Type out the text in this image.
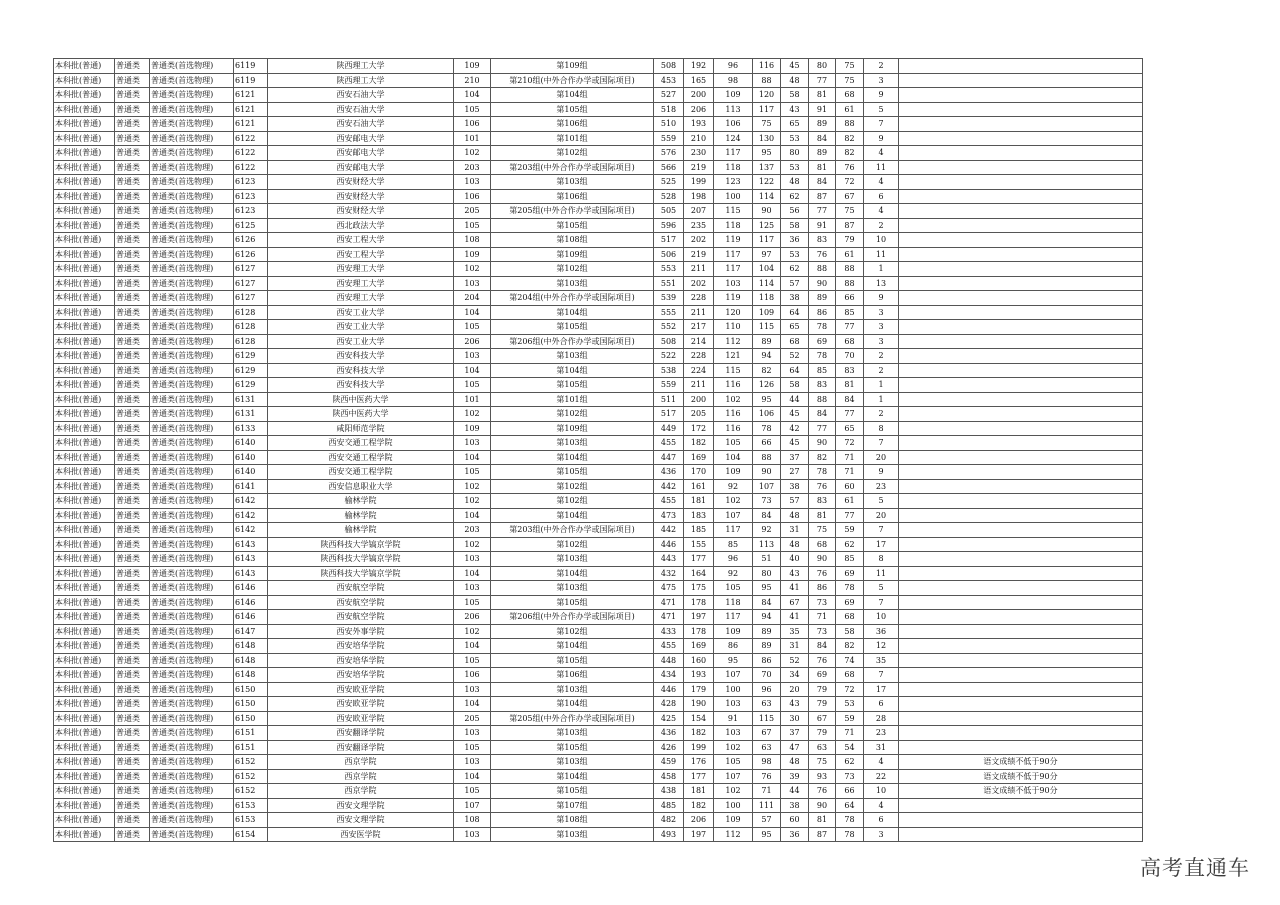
本科批(普通)	普通类	普通类(首选物理)	6119	陕西理工大学	109	第109组	508	192	96	116	45	80	75	2	
本科批(普通)	普通类	普通类(首选物理)	6119	陕西理工大学	210	第210组(中外合作办学或国际项目)	453	165	98	88	48	77	75	3	
本科批(普通)	普通类	普通类(首选物理)	6121	西安石油大学	104	第104组	527	200	109	120	58	81	68	9	
本科批(普通)	普通类	普通类(首选物理)	6121	西安石油大学	105	第105组	518	206	113	117	43	91	61	5	
本科批(普通)	普通类	普通类(首选物理)	6121	西安石油大学	106	第106组	510	193	106	75	65	89	88	7	
本科批(普通)	普通类	普通类(首选物理)	6122	西安邮电大学	101	第101组	559	210	124	130	53	84	82	9	
本科批(普通)	普通类	普通类(首选物理)	6122	西安邮电大学	102	第102组	576	230	117	95	80	89	82	4	
本科批(普通)	普通类	普通类(首选物理)	6122	西安邮电大学	203	第203组(中外合作办学或国际项目)	566	219	118	137	53	81	76	11	
本科批(普通)	普通类	普通类(首选物理)	6123	西安财经大学	103	第103组	525	199	123	122	48	84	72	4	
本科批(普通)	普通类	普通类(首选物理)	6123	西安财经大学	106	第106组	528	198	100	114	62	87	67	6	
本科批(普通)	普通类	普通类(首选物理)	6123	西安财经大学	205	第205组(中外合作办学或国际项目)	505	207	115	90	56	77	75	4	
本科批(普通)	普通类	普通类(首选物理)	6125	西北政法大学	105	第105组	596	235	118	125	58	91	87	2	
本科批(普通)	普通类	普通类(首选物理)	6126	西安工程大学	108	第108组	517	202	119	117	36	83	79	10	
本科批(普通)	普通类	普通类(首选物理)	6126	西安工程大学	109	第109组	506	219	117	97	53	76	61	11	
本科批(普通)	普通类	普通类(首选物理)	6127	西安理工大学	102	第102组	553	211	117	104	62	88	88	1	
本科批(普通)	普通类	普通类(首选物理)	6127	西安理工大学	103	第103组	551	202	103	114	57	90	88	13	
本科批(普通)	普通类	普通类(首选物理)	6127	西安理工大学	204	第204组(中外合作办学或国际项目)	539	228	119	118	38	89	66	9	
本科批(普通)	普通类	普通类(首选物理)	6128	西安工业大学	104	第104组	555	211	120	109	64	86	85	3	
本科批(普通)	普通类	普通类(首选物理)	6128	西安工业大学	105	第105组	552	217	110	115	65	78	77	3	
本科批(普通)	普通类	普通类(首选物理)	6128	西安工业大学	206	第206组(中外合作办学或国际项目)	508	214	112	89	68	69	68	3	
本科批(普通)	普通类	普通类(首选物理)	6129	西安科技大学	103	第103组	522	228	121	94	52	78	70	2	
本科批(普通)	普通类	普通类(首选物理)	6129	西安科技大学	104	第104组	538	224	115	82	64	85	83	2	
本科批(普通)	普通类	普通类(首选物理)	6129	西安科技大学	105	第105组	559	211	116	126	58	83	81	1	
本科批(普通)	普通类	普通类(首选物理)	6131	陕西中医药大学	101	第101组	511	200	102	95	44	88	84	1	
本科批(普通)	普通类	普通类(首选物理)	6131	陕西中医药大学	102	第102组	517	205	116	106	45	84	77	2	
本科批(普通)	普通类	普通类(首选物理)	6133	咸阳师范学院	109	第109组	449	172	116	78	42	77	65	8	
本科批(普通)	普通类	普通类(首选物理)	6140	西安交通工程学院	103	第103组	455	182	105	66	45	90	72	7	
本科批(普通)	普通类	普通类(首选物理)	6140	西安交通工程学院	104	第104组	447	169	104	88	37	82	71	20	
本科批(普通)	普通类	普通类(首选物理)	6140	西安交通工程学院	105	第105组	436	170	109	90	27	78	71	9	
本科批(普通)	普通类	普通类(首选物理)	6141	西安信息职业大学	102	第102组	442	161	92	107	38	76	60	23	
本科批(普通)	普通类	普通类(首选物理)	6142	榆林学院	102	第102组	455	181	102	73	57	83	61	5	
本科批(普通)	普通类	普通类(首选物理)	6142	榆林学院	104	第104组	473	183	107	84	48	81	77	20	
本科批(普通)	普通类	普通类(首选物理)	6142	榆林学院	203	第203组(中外合作办学或国际项目)	442	185	117	92	31	75	59	7	
本科批(普通)	普通类	普通类(首选物理)	6143	陕西科技大学镐京学院	102	第102组	446	155	85	113	48	68	62	17	
本科批(普通)	普通类	普通类(首选物理)	6143	陕西科技大学镐京学院	103	第103组	443	177	96	51	40	90	85	8	
本科批(普通)	普通类	普通类(首选物理)	6143	陕西科技大学镐京学院	104	第104组	432	164	92	80	43	76	69	11	
本科批(普通)	普通类	普通类(首选物理)	6146	西安航空学院	103	第103组	475	175	105	95	41	86	78	5	
本科批(普通)	普通类	普通类(首选物理)	6146	西安航空学院	105	第105组	471	178	118	84	67	73	69	7	
本科批(普通)	普通类	普通类(首选物理)	6146	西安航空学院	206	第206组(中外合作办学或国际项目)	471	197	117	94	41	71	68	10	
本科批(普通)	普通类	普通类(首选物理)	6147	西安外事学院	102	第102组	433	178	109	89	35	73	58	36	
本科批(普通)	普通类	普通类(首选物理)	6148	西安培华学院	104	第104组	455	169	86	89	31	84	82	12	
本科批(普通)	普通类	普通类(首选物理)	6148	西安培华学院	105	第105组	448	160	95	86	52	76	74	35	
本科批(普通)	普通类	普通类(首选物理)	6148	西安培华学院	106	第106组	434	193	107	70	34	69	68	7	
本科批(普通)	普通类	普通类(首选物理)	6150	西安欧亚学院	103	第103组	446	179	100	96	20	79	72	17	
本科批(普通)	普通类	普通类(首选物理)	6150	西安欧亚学院	104	第104组	428	190	103	63	43	79	53	6	
本科批(普通)	普通类	普通类(首选物理)	6150	西安欧亚学院	205	第205组(中外合作办学或国际项目)	425	154	91	115	30	67	59	28	
本科批(普通)	普通类	普通类(首选物理)	6151	西安翻译学院	103	第103组	436	182	103	67	37	79	71	23	
本科批(普通)	普通类	普通类(首选物理)	6151	西安翻译学院	105	第105组	426	199	102	63	47	63	54	31	
本科批(普通)	普通类	普通类(首选物理)	6152	西京学院	103	第103组	459	176	105	98	48	75	62	4	语文成绩不低于90分
本科批(普通)	普通类	普通类(首选物理)	6152	西京学院	104	第104组	458	177	107	76	39	93	73	22	语文成绩不低于90分
本科批(普通)	普通类	普通类(首选物理)	6152	西京学院	105	第105组	438	181	102	71	44	76	66	10	语文成绩不低于90分
本科批(普通)	普通类	普通类(首选物理)	6153	西安文理学院	107	第107组	485	182	100	111	38	90	64	4	
本科批(普通)	普通类	普通类(首选物理)	6153	西安文理学院	108	第108组	482	206	109	57	60	81	78	6	
本科批(普通)	普通类	普通类(首选物理)	6154	西安医学院	103	第103组	493	197	112	95	36	87	78	3	
高考直通车
